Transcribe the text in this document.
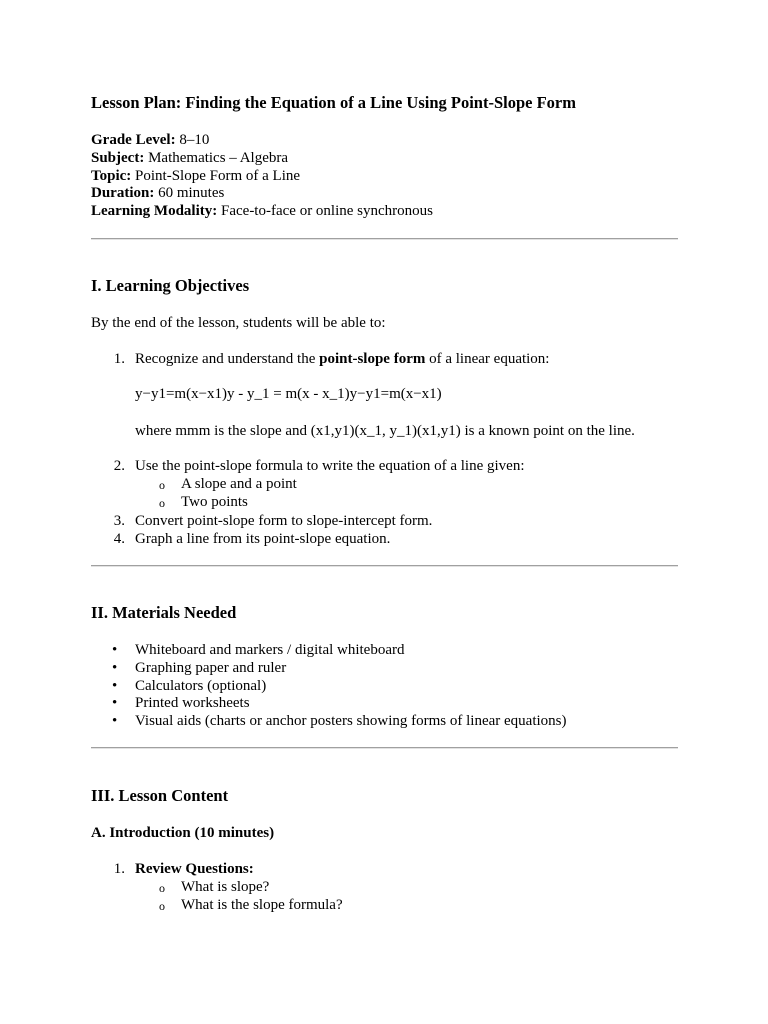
Lesson Plan: Finding the Equation of a Line Using Point-Slope Form
Grade Level: 8–10
Subject: Mathematics – Algebra
Topic: Point-Slope Form of a Line
Duration: 60 minutes
Learning Modality: Face-to-face or online synchronous
I. Learning Objectives
By the end of the lesson, students will be able to:
1. Recognize and understand the point-slope form of a linear equation:
y−y1=m(x−x1)y - y_1 = m(x - x_1)y−y1=m(x−x1)
where mmm is the slope and (x1,y1)(x_1, y_1)(x1,y1) is a known point on the line.
2. Use the point-slope formula to write the equation of a line given:
o A slope and a point
o Two points
3. Convert point-slope form to slope-intercept form.
4. Graph a line from its point-slope equation.
II. Materials Needed
• Whiteboard and markers / digital whiteboard
• Graphing paper and ruler
• Calculators (optional)
• Printed worksheets
• Visual aids (charts or anchor posters showing forms of linear equations)
III. Lesson Content
A. Introduction (10 minutes)
1. Review Questions:
o What is slope?
o What is the slope formula?
